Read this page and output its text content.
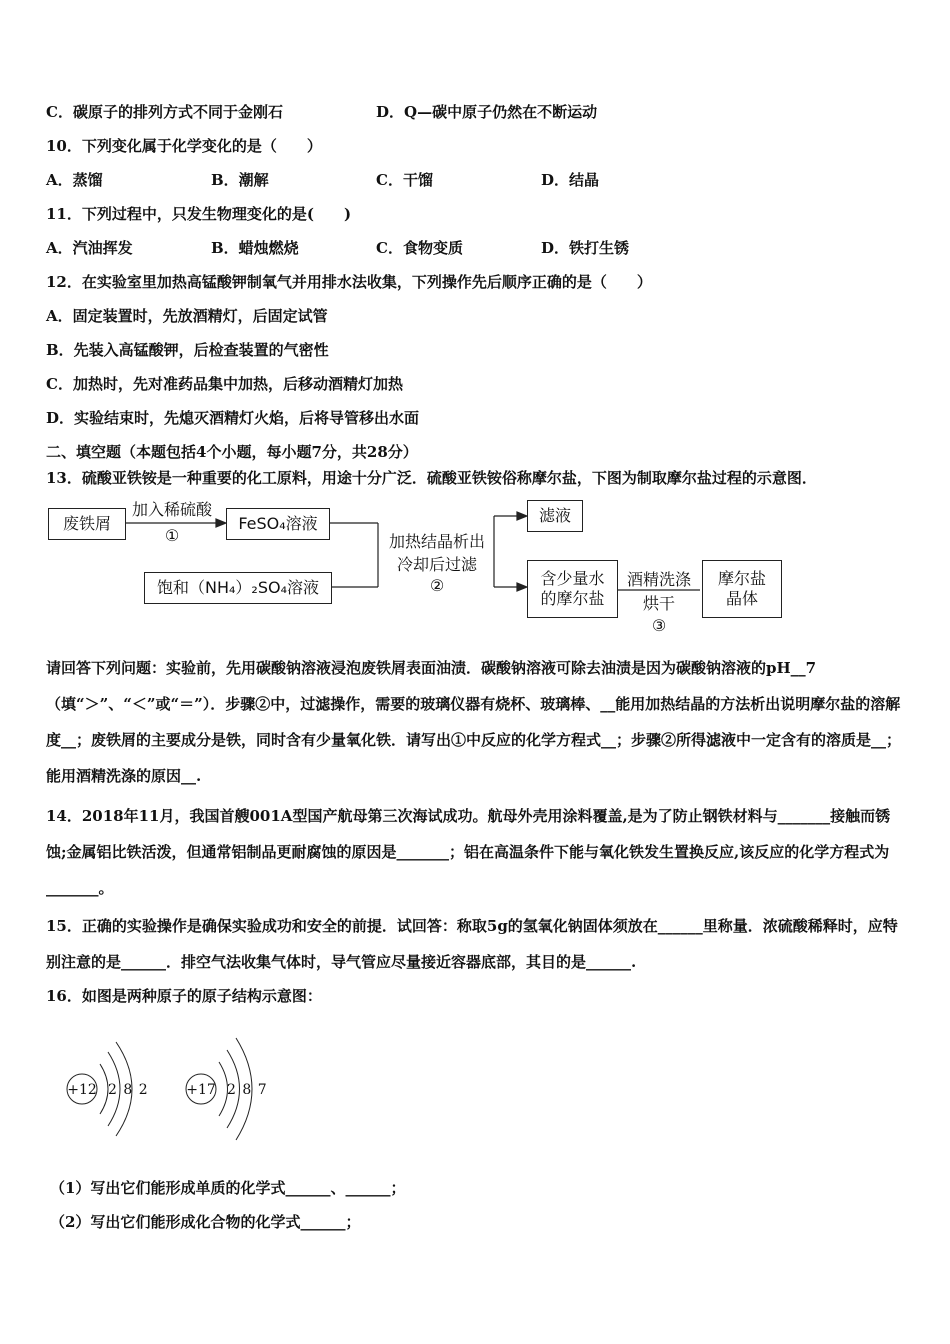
C．碳原子的排列方式不同于金刚石	D．Q—碳中原子仍然在不断运动
10．下列变化属于化学变化的是（　　）
A．蒸馏	B．潮解	C．干馏	D．结晶
11．下列过程中，只发生物理变化的是(　　)
A．汽油挥发	B．蜡烛燃烧	C．食物变质	D．铁打生锈
12．在实验室里加热高锰酸钾制氧气并用排水法收集，下列操作先后顺序正确的是（　　）
A．固定装置时，先放酒精灯，后固定试管
B．先装入高锰酸钾，后检查装置的气密性
C．加热时，先对准药品集中加热，后移动酒精灯加热
D．实验结束时，先熄灭酒精灯火焰，后将导管移出水面
二、填空题（本题包括4个小题，每小题7分，共28分）
13．硫酸亚铁铵是一种重要的化工原料，用途十分广泛．硫酸亚铁铵俗称摩尔盐，下图为制取摩尔盐过程的示意图．
废铁屑
加入稀硫酸
①
FeSO₄溶液
饱和（NH₄）₂SO₄溶液
加热结晶析出
冷却后过滤
②
滤液
含少量水
的摩尔盐
酒精洗涤
烘干
③
摩尔盐
晶体
请回答下列问题：实验前，先用碳酸钠溶液浸泡废铁屑表面油渍．碳酸钠溶液可除去油渍是因为碳酸钠溶液的pH__7（填“＞”、“＜”或“＝”）．步骤②中，过滤操作，需要的玻璃仪器有烧杯、玻璃棒、__能用加热结晶的方法析出说明摩尔盐的溶解度__；废铁屑的主要成分是铁，同时含有少量氧化铁．请写出①中反应的化学方程式__；步骤②所得滤液中一定含有的溶质是__；能用酒精洗涤的原因__.
14．2018年11月，我国首艘001A型国产航母第三次海试成功。航母外壳用涂料覆盖,是为了防止钢铁材料与_______接触而锈蚀;金属铝比铁活泼，但通常铝制品更耐腐蚀的原因是_______；铝在高温条件下能与氧化铁发生置换反应,该反应的化学方程式为_______。
15．正确的实验操作是确保实验成功和安全的前提．试回答：称取5g的氢氧化钠固体须放在______里称量．浓硫酸稀释时，应特别注意的是______．排空气法收集气体时，导气管应尽量接近容器底部，其目的是______.
16．如图是两种原子的原子结构示意图：
+12 2 8 2	+17 2 8 7
（1）写出它们能形成单质的化学式______、______；
（2）写出它们能形成化合物的化学式______；
